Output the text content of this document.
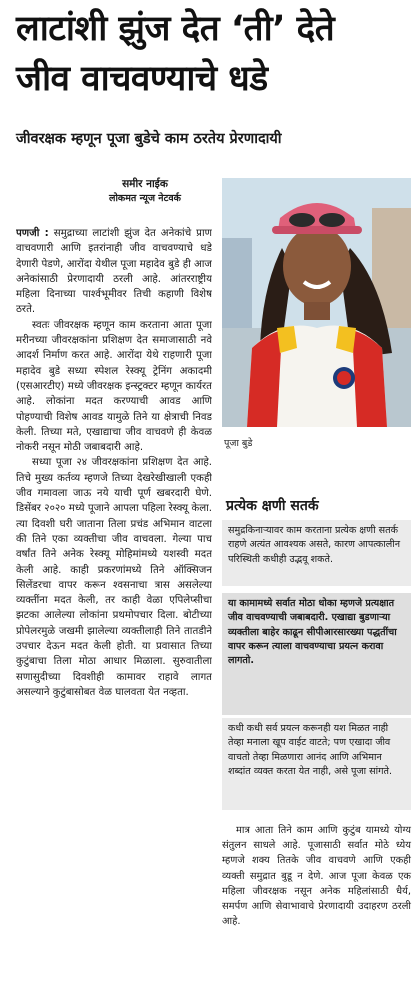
लाटांशी झुंज देत ‘ती’ देते
जीव वाचवण्याचे धडे
जीवरक्षक म्हणून पूजा बुडेचे काम ठरतेय प्रेरणादायी
समीर नाईक
लोकमत न्यूज नेटवर्क

पणजी : समुद्राच्या लाटांशी झुंज देत अनेकांचे प्राण वाचवणारी आणि इतरांनाही जीव वाचवण्याचे धडे देणारी पेडणे, आरोंदा येथील पूजा महादेव बुडे ही आज अनेकांसाठी प्रेरणादायी ठरली आहे. आंतरराष्ट्रीय महिला दिनाच्या पार्श्वभूमीवर तिची कहाणी विशेष ठरते.

स्वतः जीवरक्षक म्हणून काम करताना आता पूजा मरीनच्या जीवरक्षकांना प्रशिक्षण देत समाजासाठी नवे आदर्श निर्माण करत आहे. आरोंदा येथे राहणारी पूजा महादेव बुडे सध्या स्पेशल रेस्क्यू ट्रेनिंग अकादमी (एसआरटीए) मध्ये जीवरक्षक इन्स्ट्रक्टर म्हणून कार्यरत आहे. लोकांना मदत करण्याची आवड आणि पोहण्याची विशेष आवड यामुळे तिने या क्षेत्राची निवड केली. तिच्या मते, एखाद्याचा जीव वाचवणे ही केवळ नोकरी नसून मोठी जबाबदारी आहे.

सध्या पूजा २४ जीवरक्षकांना प्रशिक्षण देत आहे. तिचे मुख्य कर्तव्य म्हणजे तिच्या देखरेखीखाली एकही जीव गमावला जाऊ नये याची पूर्ण खबरदारी घेणे. डिसेंबर २०२० मध्ये पूजाने आपला पहिला रेस्क्यू केला. त्या दिवशी घरी जाताना तिला प्रचंड अभिमान वाटला की तिने एका व्यक्तीचा जीव वाचवला. गेल्या पाच वर्षांत तिने अनेक रेस्क्यू मोहिमांमध्ये यशस्वी मदत केली आहे. काही प्रकरणांमध्ये तिने ऑक्सिजन सिलेंडरचा वापर करून श्वसनाचा त्रास असलेल्या व्यक्तींना मदत केली, तर काही वेळा एपिलेप्सीचा झटका आलेल्या लोकांना प्रथमोपचार दिला. बोटीच्या प्रोपेलरमुळे जखमी झालेल्या व्यक्तीलाही तिने तातडीने उपचार देऊन मदत केली होती. या प्रवासात तिच्या कुटुंबाचा तिला मोठा आधार मिळाला. सुरुवातीला सणासुदीच्या दिवशीही कामावर राहावे लागत असल्याने कुटुंबासोबत वेळ घालवता येत नव्हता.

पूजा बुडे
प्रत्येक क्षणी सतर्क

समुद्रकिनाऱ्यावर काम करताना प्रत्येक क्षणी सतर्क राहणे अत्यंत आवश्यक असते, कारण आपत्कालीन परिस्थिती कधीही उद्भवू शकते.

या कामामध्ये सर्वात मोठा धोका म्हणजे प्रत्यक्षात जीव वाचवण्याची जबाबदारी. एखाद्या बुडणाऱ्या व्यक्तीला बाहेर काढून सीपीआरसारख्या पद्धतींचा वापर करून त्याला वाचवण्याचा प्रयत्न करावा लागतो.

कधी कधी सर्व प्रयत्न करूनही यश मिळत नाही तेव्हा मनाला खूप वाईट वाटते; पण एखादा जीव वाचतो तेव्हा मिळणारा आनंद आणि अभिमान शब्दांत व्यक्त करता येत नाही, असे पूजा सांगते.

मात्र आता तिने काम आणि कुटुंब यामध्ये योग्य संतुलन साधले आहे. पूजासाठी सर्वात मोठे ध्येय म्हणजे शक्य तितके जीव वाचवणे आणि एकही व्यक्ती समुद्रात बुडू न देणे. आज पूजा केवळ एक महिला जीवरक्षक नसून अनेक महिलांसाठी धैर्य, समर्पण आणि सेवाभावाचे प्रेरणादायी उदाहरण ठरली आहे.
